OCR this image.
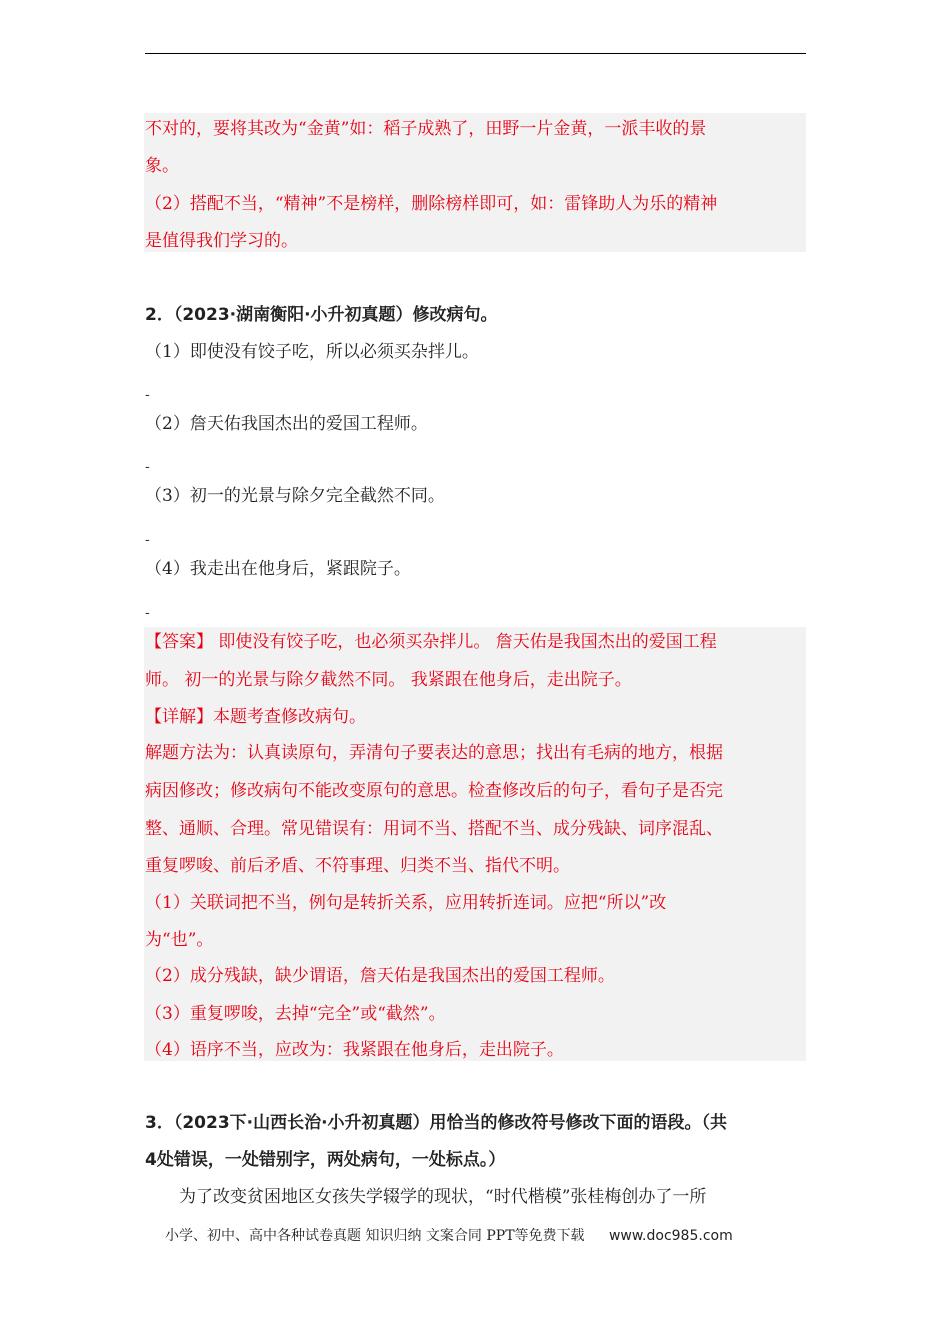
不对的，要将其改为“金黄”如：稻子成熟了，田野一片金黄，一派丰收的景
象。
（2）搭配不当，“精神”不是榜样，删除榜样即可，如：雷锋助人为乐的精神
是值得我们学习的。
2．（2023·湖南衡阳·小升初真题）修改病句。
（1）即使没有饺子吃，所以必须买杂拌儿。
-
（2）詹天佑我国杰出的爱国工程师。
-
（3）初一的光景与除夕完全截然不同。
-
（4）我走出在他身后，紧跟院子。
-
【答案】 即使没有饺子吃，也必须买杂拌儿。 詹天佑是我国杰出的爱国工程
师。 初一的光景与除夕截然不同。 我紧跟在他身后，走出院子。
【详解】本题考查修改病句。
解题方法为：认真读原句，弄清句子要表达的意思；找出有毛病的地方，根据
病因修改；修改病句不能改变原句的意思。检查修改后的句子，看句子是否完
整、通顺、合理。常见错误有：用词不当、搭配不当、成分残缺、词序混乱、
重复啰唆、前后矛盾、不符事理、归类不当、指代不明。
（1）关联词把不当，例句是转折关系，应用转折连词。应把“所以”改
为“也”。
（2）成分残缺，缺少谓语，詹天佑是我国杰出的爱国工程师。
（3）重复啰唆，去掉“完全”或“截然”。
（4）语序不当，应改为：我紧跟在他身后，走出院子。
3．（2023下·山西长治·小升初真题）用恰当的修改符号修改下面的语段。（共
4处错误，一处错别字，两处病句，一处标点。）
为了改变贫困地区女孩失学辍学的现状，“时代楷模”张桂梅创办了一所
小学、初中、高中各种试卷真题 知识归纳 文案合同 PPT等免费下载 www.doc985.com
